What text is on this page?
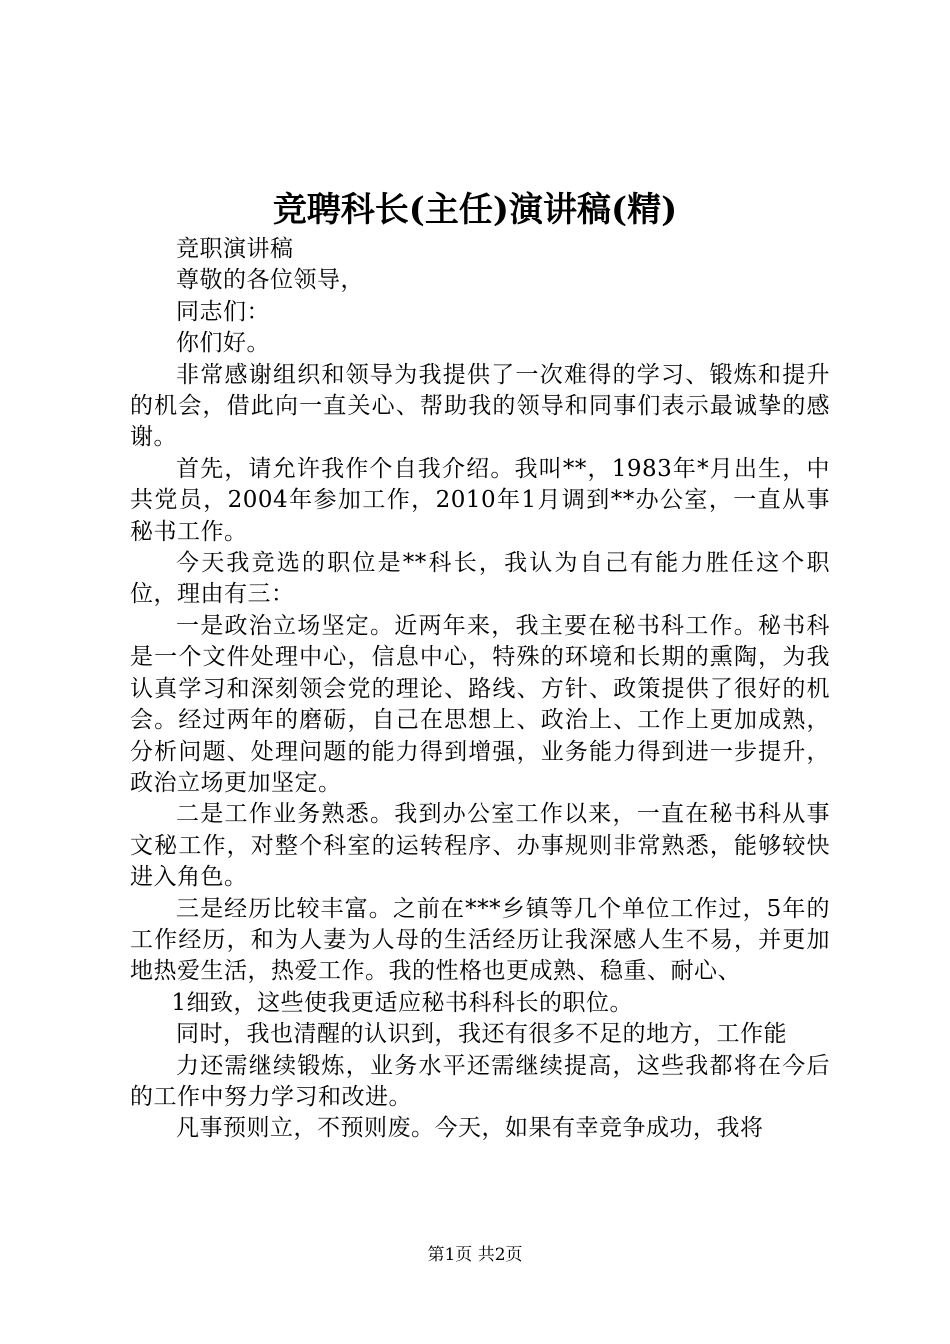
竞聘科长(主任)演讲稿(精)

竞职演讲稿

尊敬的各位领导，

同志们：

你们好。

非常感谢组织和领导为我提供了一次难得的学习、锻炼和提升的机会，借此向一直关心、帮助我的领导和同事们表示最诚挚的感谢。

首先，请允许我作个自我介绍。我叫**，1983年*月出生，中共党员，2004年参加工作，2010年1月调到**办公室，一直从事秘书工作。

今天我竞选的职位是**科长，我认为自己有能力胜任这个职位，理由有三：

一是政治立场坚定。近两年来，我主要在秘书科工作。秘书科是一个文件处理中心，信息中心，特殊的环境和长期的熏陶，为我认真学习和深刻领会党的理论、路线、方针、政策提供了很好的机会。经过两年的磨砺，自己在思想上、政治上、工作上更加成熟，分析问题、处理问题的能力得到增强，业务能力得到进一步提升，政治立场更加坚定。

二是工作业务熟悉。我到办公室工作以来，一直在秘书科从事文秘工作，对整个科室的运转程序、办事规则非常熟悉，能够较快进入角色。

三是经历比较丰富。之前在***乡镇等几个单位工作过，5年的工作经历，和为人妻为人母的生活经历让我深感人生不易，并更加地热爱生活，热爱工作。我的性格也更成熟、稳重、耐心、

1细致，这些使我更适应秘书科科长的职位。

同时，我也清醒的认识到，我还有很多不足的地方，工作能

力还需继续锻炼，业务水平还需继续提高，这些我都将在今后的工作中努力学习和改进。

凡事预则立，不预则废。今天，如果有幸竞争成功，我将

第1页 共2页
